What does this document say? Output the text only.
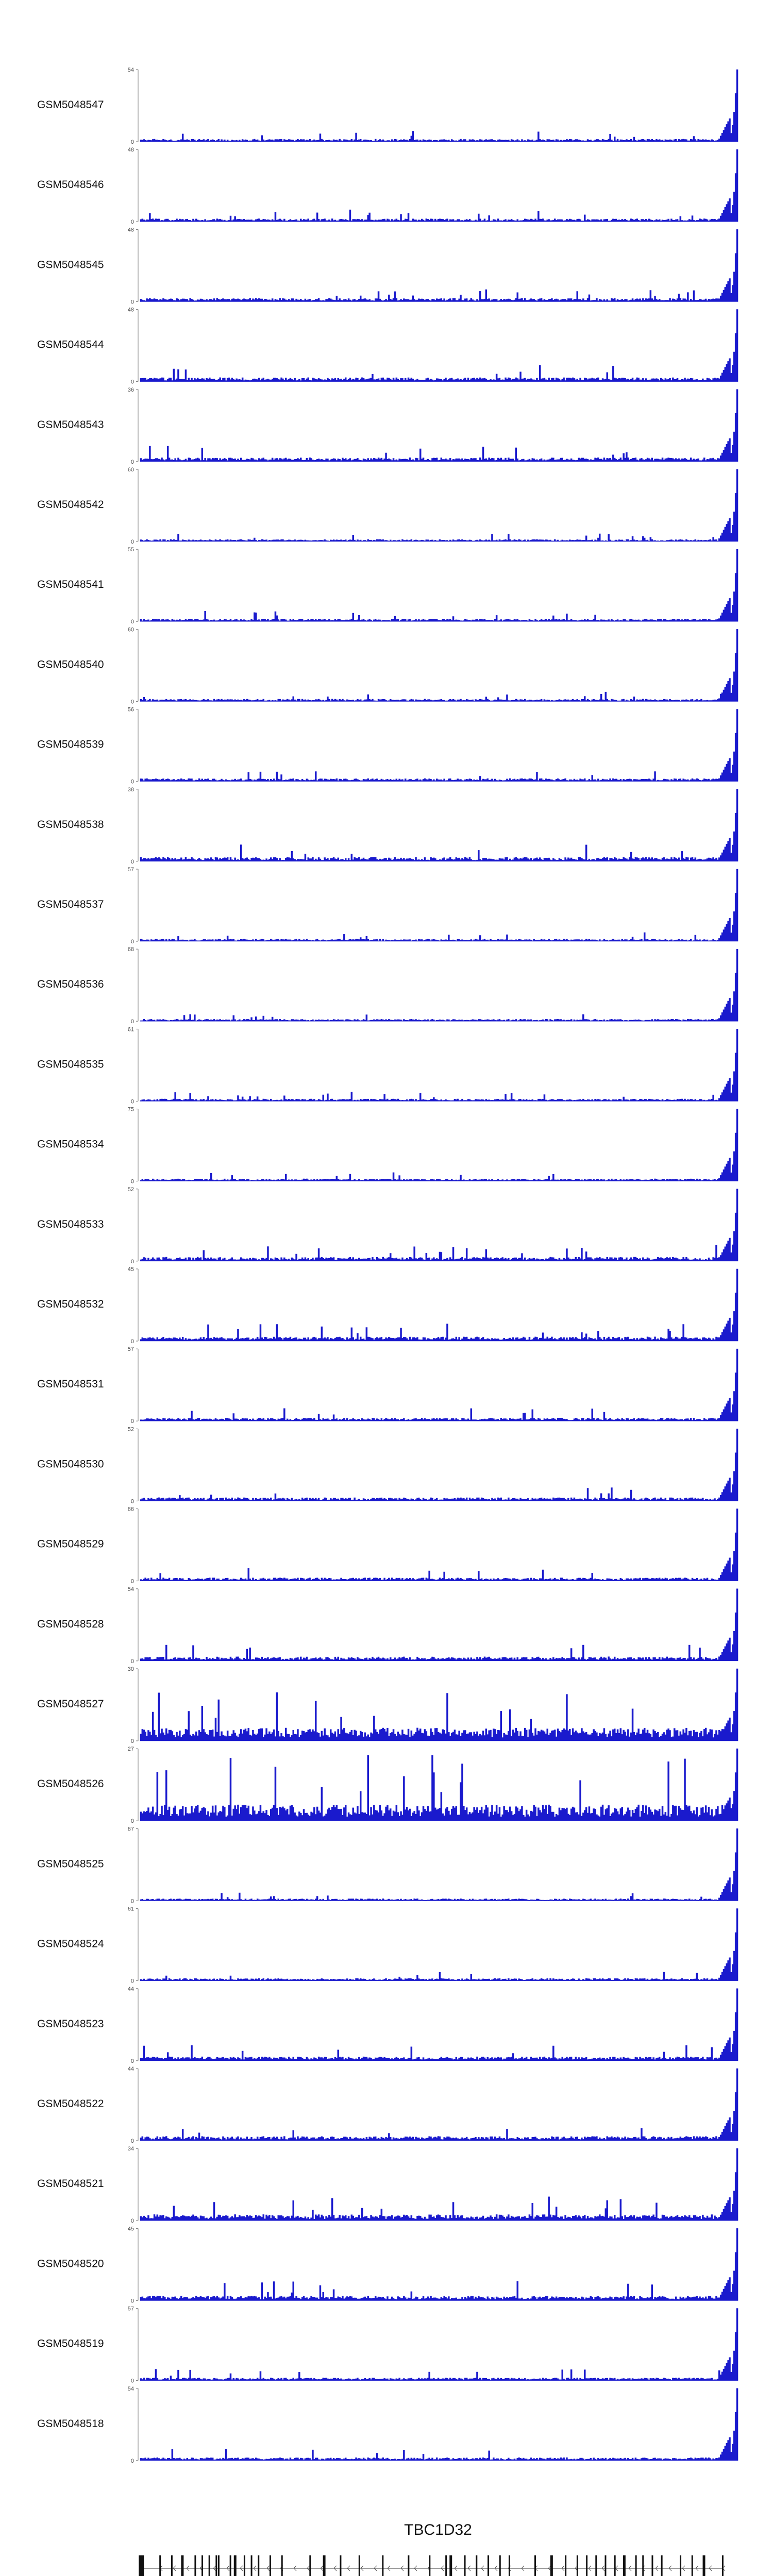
GSM5048547
54
0
GSM5048546
48
0
GSM5048545
48
0
GSM5048544
48
0
GSM5048543
36
0
GSM5048542
60
0
GSM5048541
55
0
GSM5048540
60
0
GSM5048539
56
0
GSM5048538
38
0
GSM5048537
57
0
GSM5048536
68
0
GSM5048535
61
0
GSM5048534
75
0
GSM5048533
52
0
GSM5048532
45
0
GSM5048531
57
0
GSM5048530
52
0
GSM5048529
66
0
GSM5048528
54
0
GSM5048527
30
0
GSM5048526
27
0
GSM5048525
67
0
GSM5048524
61
0
GSM5048523
44
0
GSM5048522
44
0
GSM5048521
34
0
GSM5048520
45
0
GSM5048519
57
0
GSM5048518
54
0
TBC1D32
